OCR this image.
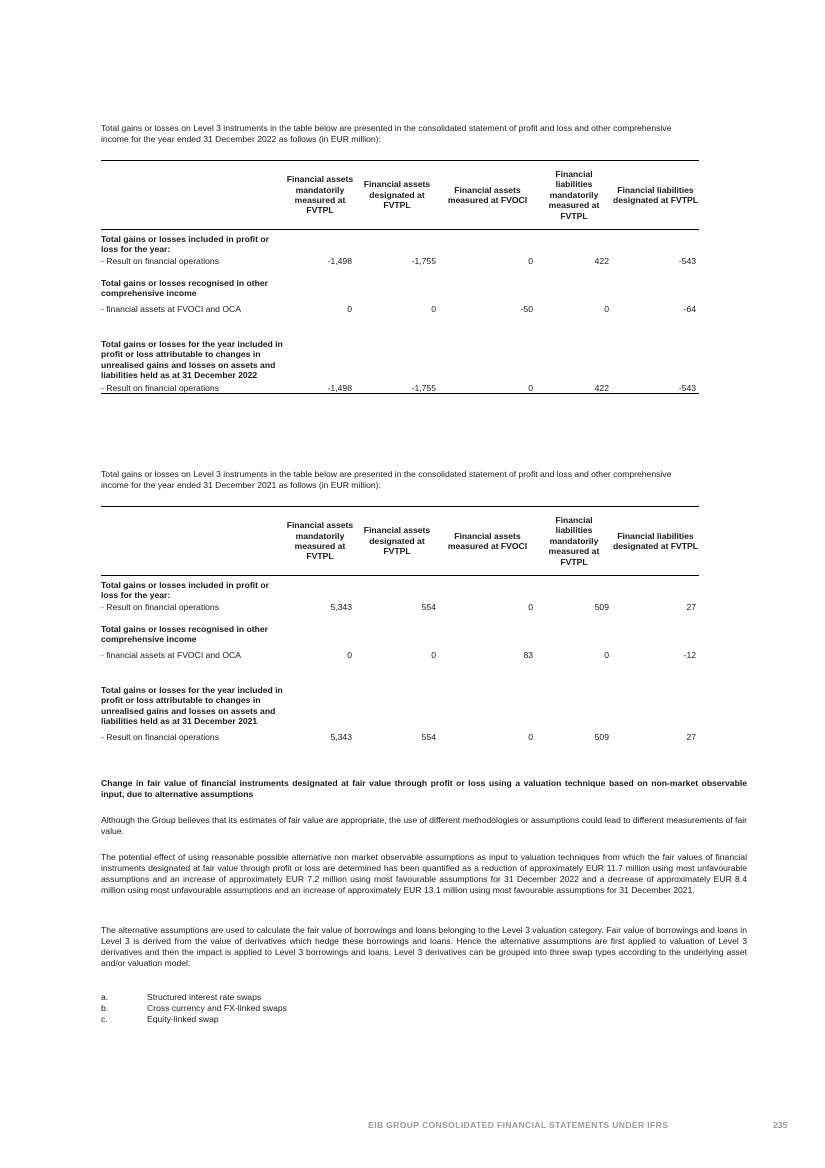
Total gains or losses on Level 3 instruments in the table below are presented in the consolidated statement of profit and loss and other comprehensive income for the year ended 31 December 2022 as follows (in EUR million):
	Financial assets mandatorily measured at FVTPL	Financial assets designated at FVTPL	Financial assets measured at FVOCI	Financial liabilities mandatorily measured at FVTPL	Financial liabilities designated at FVTPL
Total gains or losses included in profit or loss for the year:					
- Result on financial operations	-1,498	-1,755	0	422	-543
Total gains or losses recognised in other comprehensive income					
- financial assets at FVOCI and OCA	0	0	-50	0	-64
Total gains or losses for the year included in profit or loss attributable to changes in unrealised gains and losses on assets and liabilities held as at 31 December 2022					
- Result on financial operations	-1,498	-1,755	0	422	-543
Total gains or losses on Level 3 instruments in the table below are presented in the consolidated statement of profit and loss and other comprehensive income for the year ended 31 December 2021 as follows (in EUR million):
	Financial assets mandatorily measured at FVTPL	Financial assets designated at FVTPL	Financial assets measured at FVOCI	Financial liabilities mandatorily measured at FVTPL	Financial liabilities designated at FVTPL
Total gains or losses included in profit or loss for the year:					
- Result on financial operations	5,343	554	0	509	27
Total gains or losses recognised in other comprehensive income					
- financial assets at FVOCI and OCA	0	0	83	0	-12
Total gains or losses for the year included in profit or loss attributable to changes in unrealised gains and losses on assets and liabilities held as at 31 December 2021					
- Result on financial operations	5,343	554	0	509	27
Change in fair value of financial instruments designated at fair value through profit or loss using a valuation technique based on non-market observable input, due to alternative assumptions
Although the Group believes that its estimates of fair value are appropriate, the use of different methodologies or assumptions could lead to different measurements of fair value.
The potential effect of using reasonable possible alternative non market observable assumptions as input to valuation techniques from which the fair values of financial instruments designated at fair value through profit or loss are determined has been quantified as a reduction of approximately EUR 11.7 million using most unfavourable assumptions and an increase of approximately EUR 7.2 million using most favourable assumptions for 31 December 2022 and a decrease of approximately EUR 8.4 million using most unfavourable assumptions and an increase of approximately EUR 13.1 million using most favourable assumptions for 31 December 2021.
The alternative assumptions are used to calculate the fair value of borrowings and loans belonging to the Level 3 valuation category. Fair value of borrowings and loans in Level 3 is derived from the value of derivatives which hedge these borrowings and loans. Hence the alternative assumptions are first applied to valuation of Level 3 derivatives and then the impact is applied to Level 3 borrowings and loans. Level 3 derivatives can be grouped into three swap types according to the underlying asset and/or valuation model:
a.	Structured interest rate swaps
b.	Cross currency and FX-linked swaps
c.	Equity-linked swap
EIB GROUP CONSOLIDATED FINANCIAL STATEMENTS UNDER IFRS	235
